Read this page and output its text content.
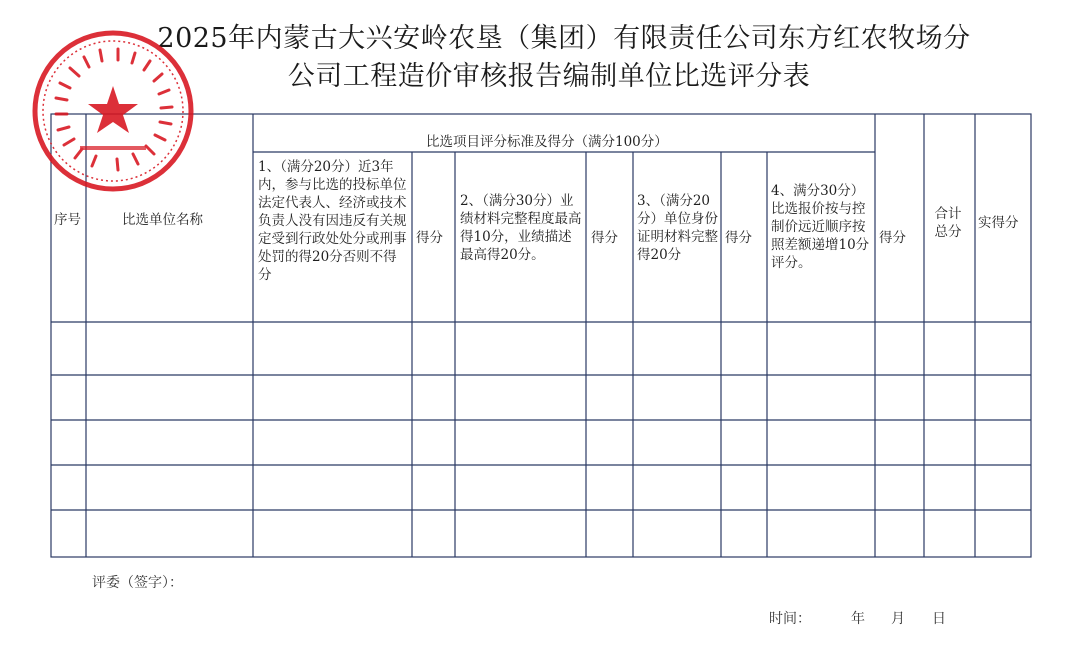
2025年内蒙古大兴安岭农垦（集团）有限责任公司东方红农牧场分
公司工程造价审核报告编制单位比选评分表
序号	比选单位名称
比选项目评分标准及得分（满分100分）
1、（满分20分）近3年内，参与比选的投标单位法定代表人、经济或技术负责人没有因违反有关规定受到行政处处分或刑事处罚的得20分否则不得分
得分
2、（满分30分）业绩材料完整程度最高得10分，业绩描述最高得20分。
得分
3、（满分20分）单位身份证明材料完整得20分
得分
4、满分30分）比选报价按与控制价远近顺序按照差额递增10分评分。
得分
合计总分
实得分
评委（签字）：
时间：	年 月 日
